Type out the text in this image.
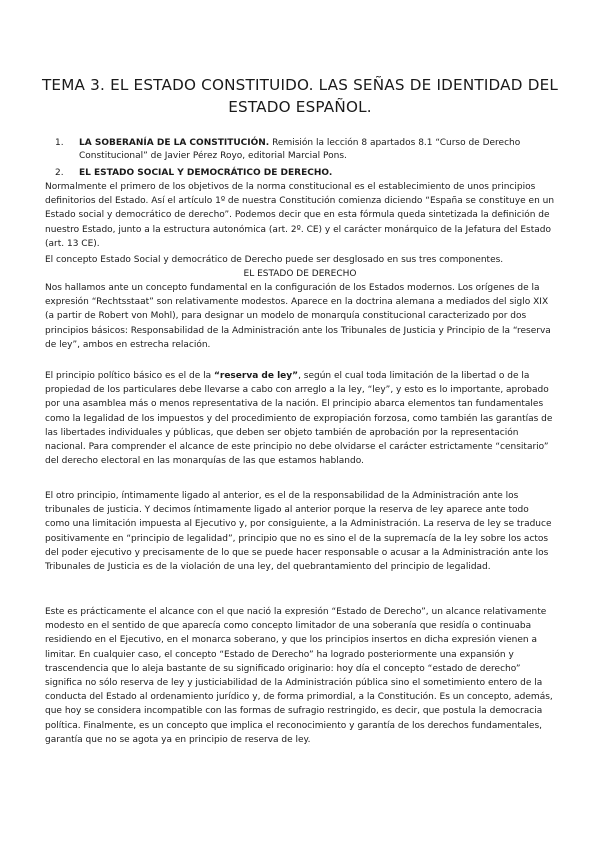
TEMA 3. EL ESTADO CONSTITUIDO. LAS SEÑAS DE IDENTIDAD DEL ESTADO ESPAÑOL.
1. LA SOBERANÍA DE LA CONSTITUCIÓN. Remisión la lección 8 apartados 8.1 “Curso de Derecho Constitucional” de Javier Pérez Royo, editorial Marcial Pons.
2. EL ESTADO SOCIAL Y DEMOCRÁTICO DE DERECHO.

Normalmente el primero de los objetivos de la norma constitucional es el establecimiento de unos principios definitorios del Estado. Así el artículo 1º de nuestra Constitución comienza diciendo “España se constituye en un Estado social y democrático de derecho”. Podemos decir que en esta fórmula queda sintetizada la definición de nuestro Estado, junto a la estructura autonómica (art. 2º. CE) y el carácter monárquico de la Jefatura del Estado (art. 13 CE).

El concepto Estado Social y democrático de Derecho puede ser desglosado en sus tres componentes.

EL ESTADO DE DERECHO

Nos hallamos ante un concepto fundamental en la configuración de los Estados modernos. Los orígenes de la expresión “Rechtsstaat” son relativamente modestos. Aparece en la doctrina alemana a mediados del siglo XIX (a partir de Robert von Mohl), para designar un modelo de monarquía constitucional caracterizado por dos principios básicos: Responsabilidad de la Administración ante los Tribunales de Justicia y Principio de la “reserva de ley”, ambos en estrecha relación.

El principio político básico es el de la “reserva de ley”, según el cual toda limitación de la libertad o de la propiedad de los particulares debe llevarse a cabo con arreglo a la ley, “ley”, y esto es lo importante, aprobado por una asamblea más o menos representativa de la nación. El principio abarca elementos tan fundamentales como la legalidad de los impuestos y del procedimiento de expropiación forzosa, como también las garantías de las libertades individuales y públicas, que deben ser objeto también de aprobación por la representación nacional. Para comprender el alcance de este principio no debe olvidarse el carácter estrictamente “censitario” del derecho electoral en las monarquías de las que estamos hablando.

El otro principio, íntimamente ligado al anterior, es el de la responsabilidad de la Administración ante los tribunales de justicia. Y decimos íntimamente ligado al anterior porque la reserva de ley aparece ante todo como una limitación impuesta al Ejecutivo y, por consiguiente, a la Administración. La reserva de ley se traduce positivamente en “principio de legalidad”, principio que no es sino el de la supremacía de la ley sobre los actos del poder ejecutivo y precisamente de lo que se puede hacer responsable o acusar a la Administración ante los Tribunales de Justicia es de la violación de una ley, del quebrantamiento del principio de legalidad.

Este es prácticamente el alcance con el que nació la expresión “Estado de Derecho”, un alcance relativamente modesto en el sentido de que aparecía como concepto limitador de una soberanía que residía o continuaba residiendo en el Ejecutivo, en el monarca soberano, y que los principios insertos en dicha expresión vienen a limitar. En cualquier caso, el concepto “Estado de Derecho” ha logrado posteriormente una expansión y trascendencia que lo aleja bastante de su significado originario: hoy día el concepto “estado de derecho” significa no sólo reserva de ley y justiciabilidad de la Administración pública sino el sometimiento entero de la conducta del Estado al ordenamiento jurídico y, de forma primordial, a la Constitución. Es un concepto, además, que hoy se considera incompatible con las formas de sufragio restringido, es decir, que postula la democracia política. Finalmente, es un concepto que implica el reconocimiento y garantía de los derechos fundamentales, garantía que no se agota ya en principio de reserva de ley.
